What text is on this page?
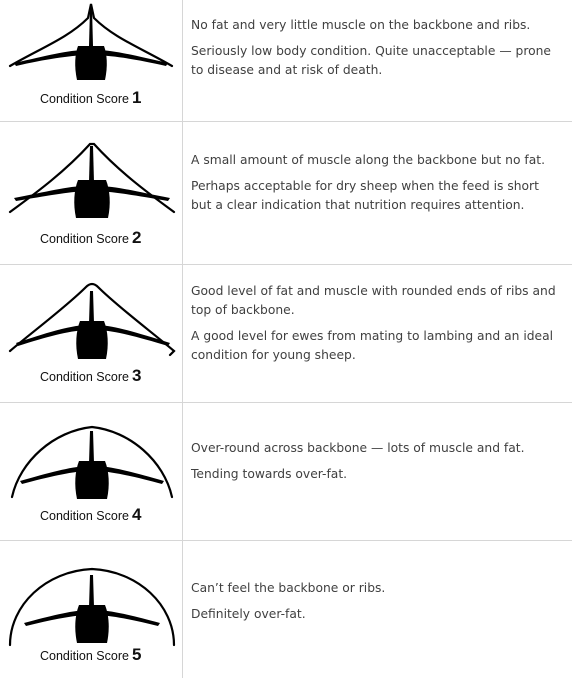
Condition Score 1

No fat and very little muscle on the backbone and ribs.

Seriously low body condition. Quite unacceptable — prone to disease and at risk of death.

Condition Score 2

A small amount of muscle along the backbone but no fat.

Perhaps acceptable for dry sheep when the feed is short but a clear indication that nutrition requires attention.

Condition Score 3

Good level of fat and muscle with rounded ends of ribs and top of backbone.

A good level for ewes from mating to lambing and an ideal condition for young sheep.

Condition Score 4

Over-round across backbone — lots of muscle and fat.

Tending towards over-fat.

Condition Score 5

Can’t feel the backbone or ribs.

Definitely over-fat.
